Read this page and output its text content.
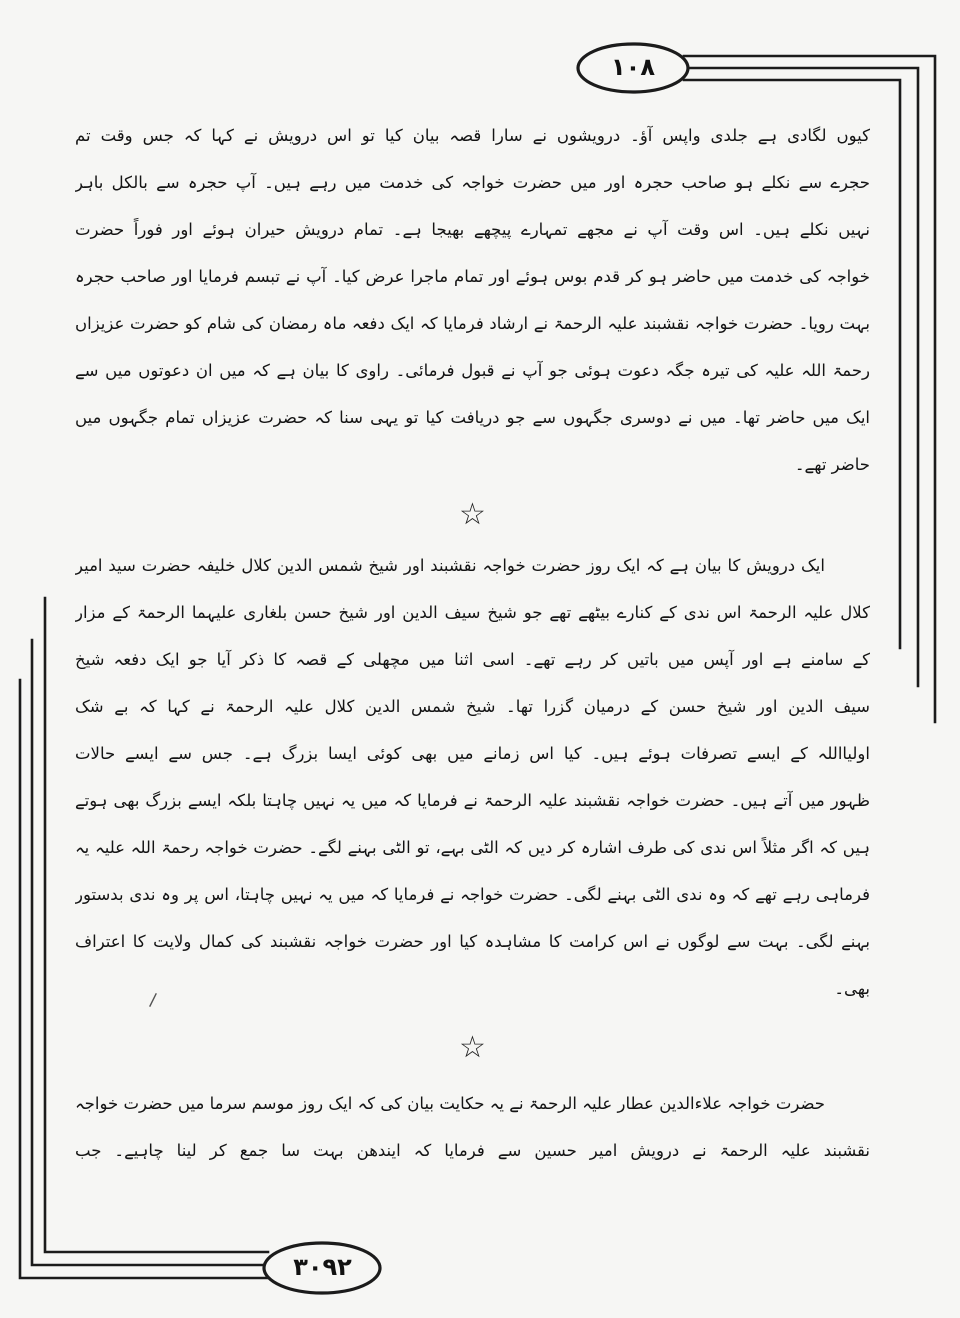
۱۰۸
۳۰۹۲
کیوں لگادی ہے جلدی واپس آؤ۔ درویشوں نے سارا قصہ بیان کیا تو اس درویش نے کہا کہ جس وقت تم
حجرے سے نکلے ہو صاحب حجرہ اور میں حضرت خواجہ کی خدمت میں رہے ہیں۔ آپ حجرہ سے بالکل باہر
نہیں نکلے ہیں۔ اس وقت آپ نے مجھے تمہارے پیچھے بھیجا ہے۔ تمام درویش حیران ہوئے اور فوراً حضرت
خواجہ کی خدمت میں حاضر ہو کر قدم بوس ہوئے اور تمام ماجرا عرض کیا۔ آپ نے تبسم فرمایا اور صاحب حجرہ
بہت رویا۔ حضرت خواجہ نقشبند علیہ الرحمۃ نے ارشاد فرمایا کہ ایک دفعہ ماہ رمضان کی شام کو حضرت عزیزاں
رحمۃ اللہ علیہ کی تیرہ جگہ دعوت ہوئی جو آپ نے قبول فرمائی۔ راوی کا بیان ہے کہ میں ان دعوتوں میں سے
ایک میں حاضر تھا۔ میں نے دوسری جگہوں سے جو دریافت کیا تو یہی سنا کہ حضرت عزیزاں تمام جگہوں میں
حاضر تھے۔
☆
ایک درویش کا بیان ہے کہ ایک روز حضرت خواجہ نقشبند اور شیخ شمس الدین کلال خلیفہ حضرت سید امیر
کلال علیہ الرحمۃ اس ندی کے کنارے بیٹھے تھے جو شیخ سیف الدین اور شیخ حسن بلغاری علیہما الرحمۃ کے مزار
کے سامنے ہے اور آپس میں باتیں کر رہے تھے۔ اسی اثنا میں مچھلی کے قصہ کا ذکر آیا جو ایک دفعہ شیخ
سیف الدین اور شیخ حسن کے درمیان گزرا تھا۔ شیخ شمس الدین کلال علیہ الرحمۃ نے کہا کہ بے شک
اولیااللہ کے ایسے تصرفات ہوئے ہیں۔ کیا اس زمانے میں بھی کوئی ایسا بزرگ ہے۔ جس سے ایسے حالات
ظہور میں آتے ہیں۔ حضرت خواجہ نقشبند علیہ الرحمۃ نے فرمایا کہ میں یہ نہیں چاہتا بلکہ ایسے بزرگ بھی ہوتے
ہیں کہ اگر مثلاً اس ندی کی طرف اشارہ کر دیں کہ الٹی بہے، تو الٹی بہنے لگے۔ حضرت خواجہ رحمۃ اللہ علیہ یہ
فرماہی رہے تھے کہ وہ ندی الٹی بہنے لگی۔ حضرت خواجہ نے فرمایا کہ میں یہ نہیں چاہتا، اس پر وہ ندی بدستور
بہنے لگی۔ بہت سے لوگوں نے اس کرامت کا مشاہدہ کیا اور حضرت خواجہ نقشبند کی کمال ولایت کا اعتراف
بھی۔
☆
حضرت خواجہ علاءالدین عطار علیہ الرحمۃ نے یہ حکایت بیان کی کہ ایک روز موسم سرما میں حضرت خواجہ
نقشبند علیہ الرحمۃ نے درویش امیر حسین سے فرمایا کہ ایندھن بہت سا جمع کر لینا چاہیے۔ جب
